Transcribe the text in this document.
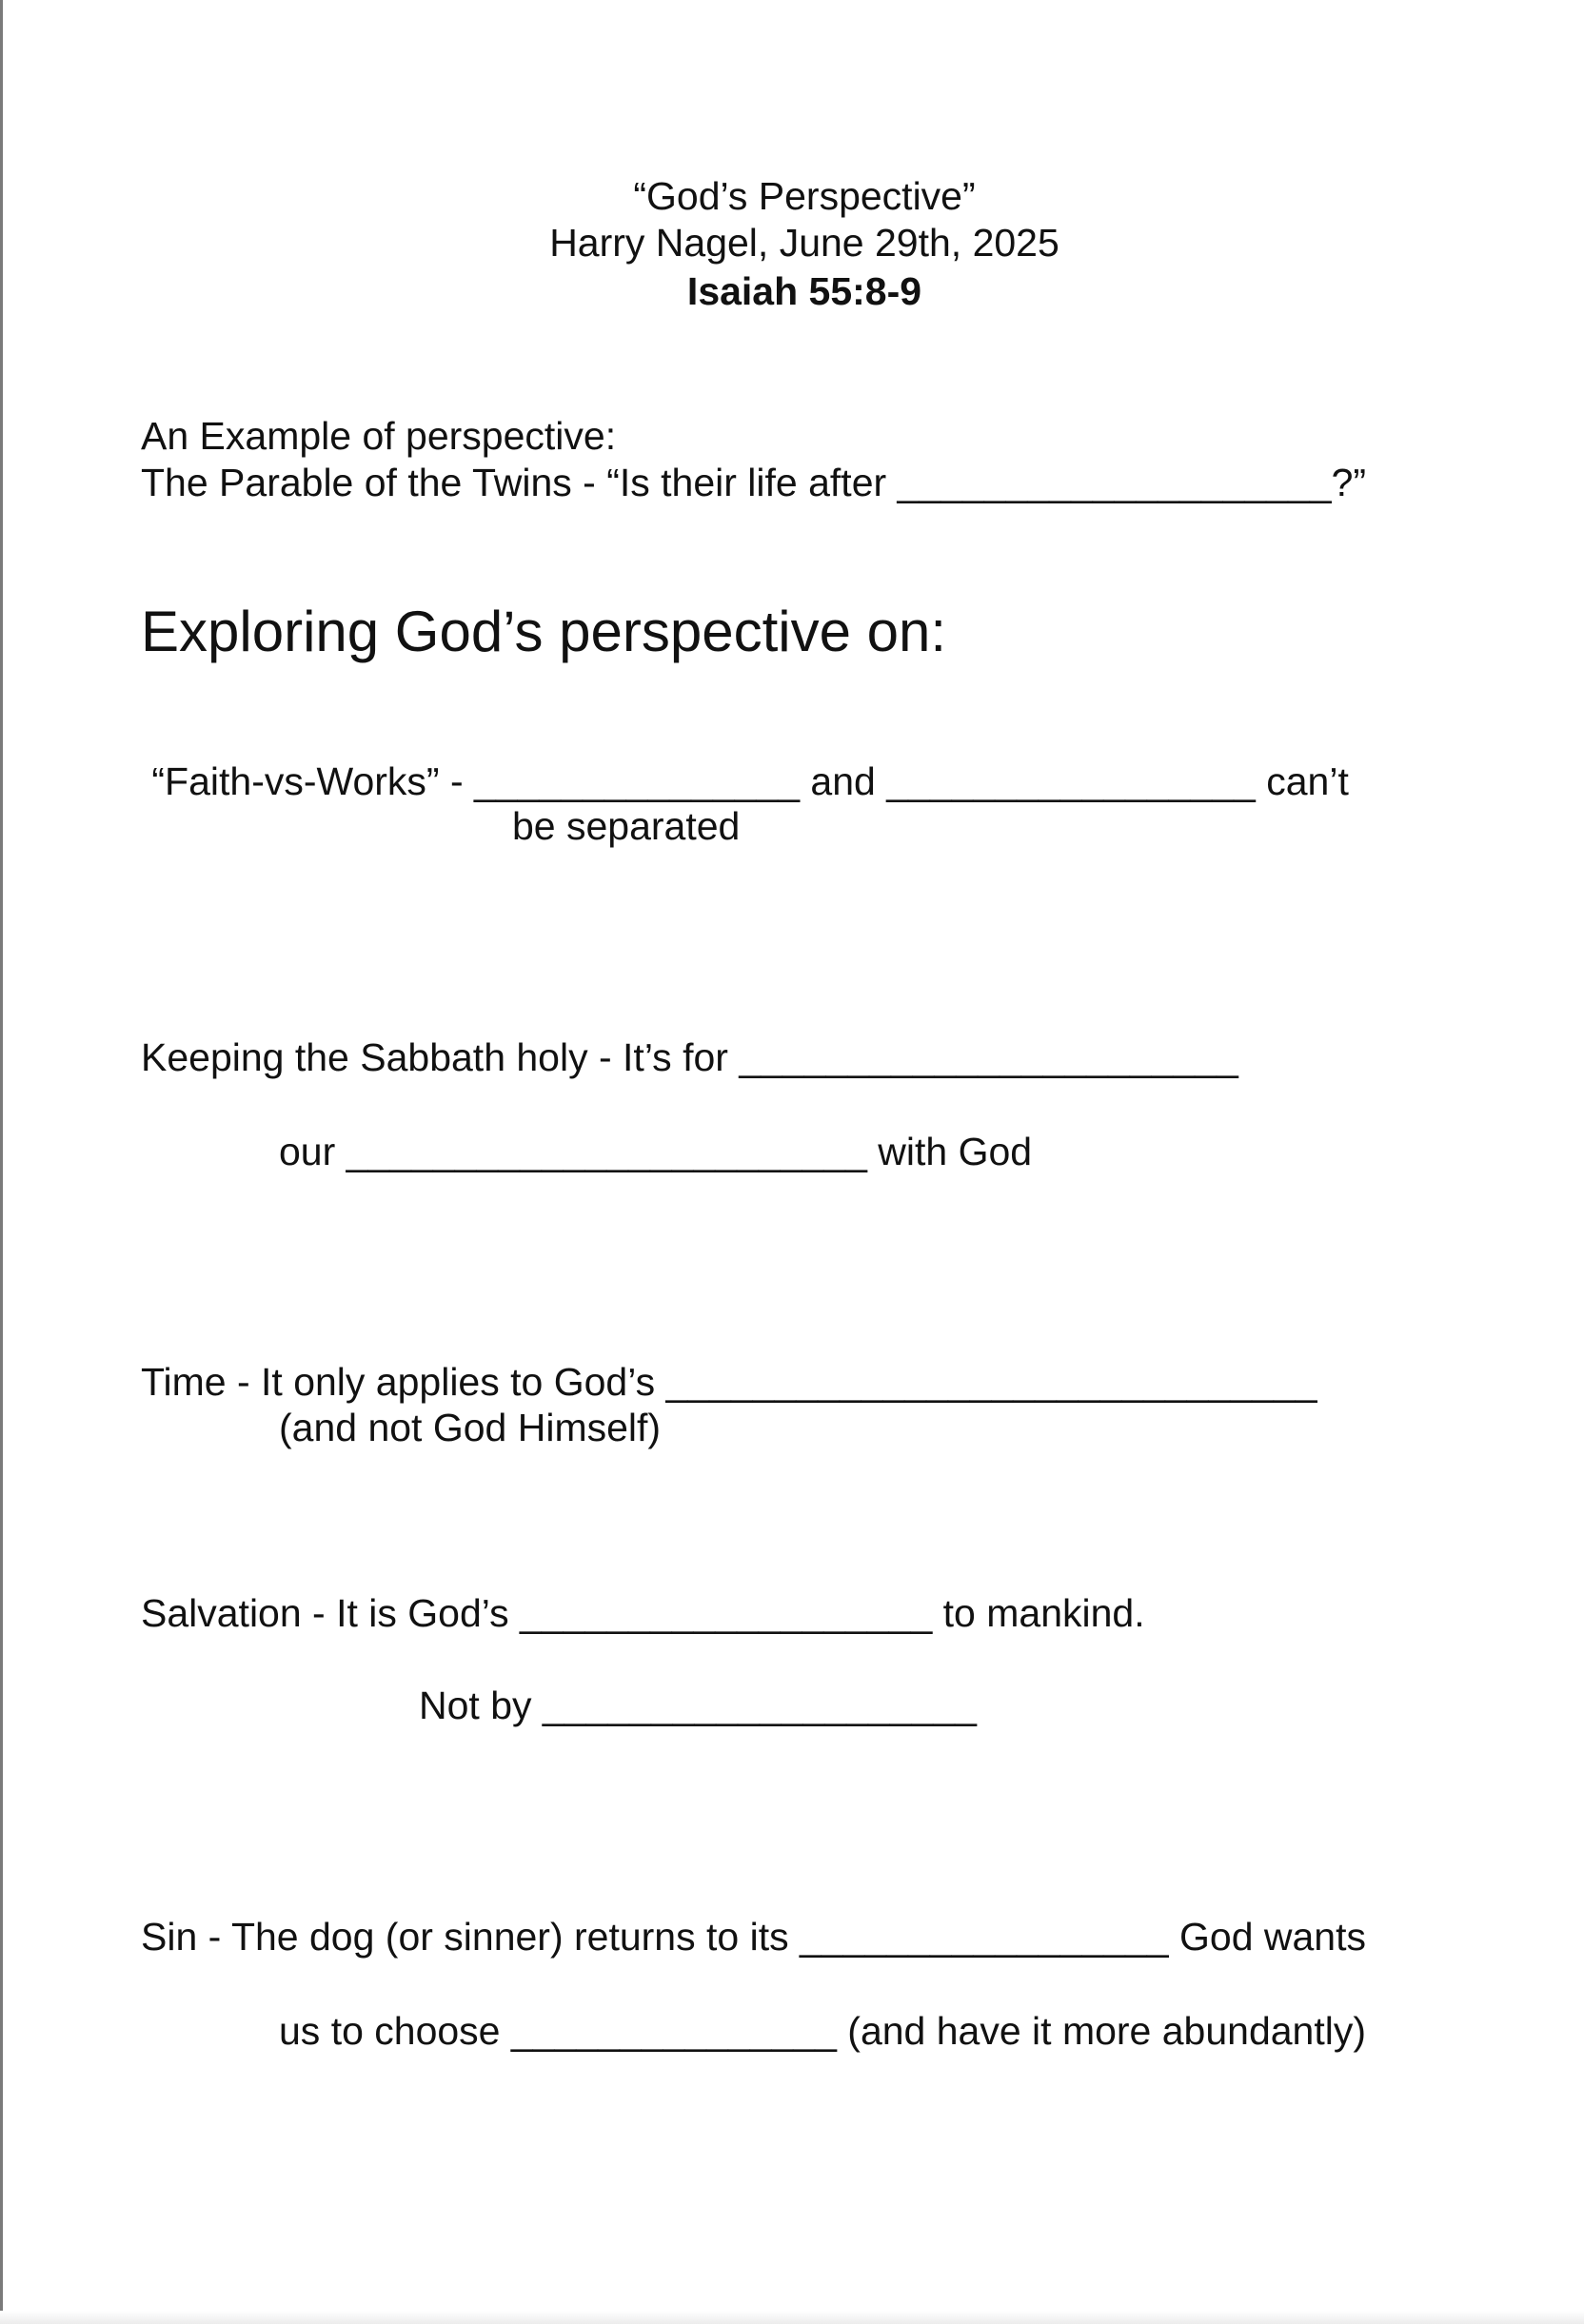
“God’s Perspective”
Harry Nagel, June 29th, 2025
Isaiah 55:8-9
An Example of perspective:
The Parable of the Twins - “Is their life after ____________________?”
Exploring God’s perspective on:
“Faith-vs-Works” - _______________ and _________________ can’t
be separated
Keeping the Sabbath holy - It’s for _______________________
our ________________________ with God
Time - It only applies to God’s ______________________________
(and not God Himself)
Salvation - It is God’s ___________________ to mankind.
Not by ____________________
Sin - The dog (or sinner) returns to its _________________ God wants
us to choose _______________ (and have it more abundantly)
